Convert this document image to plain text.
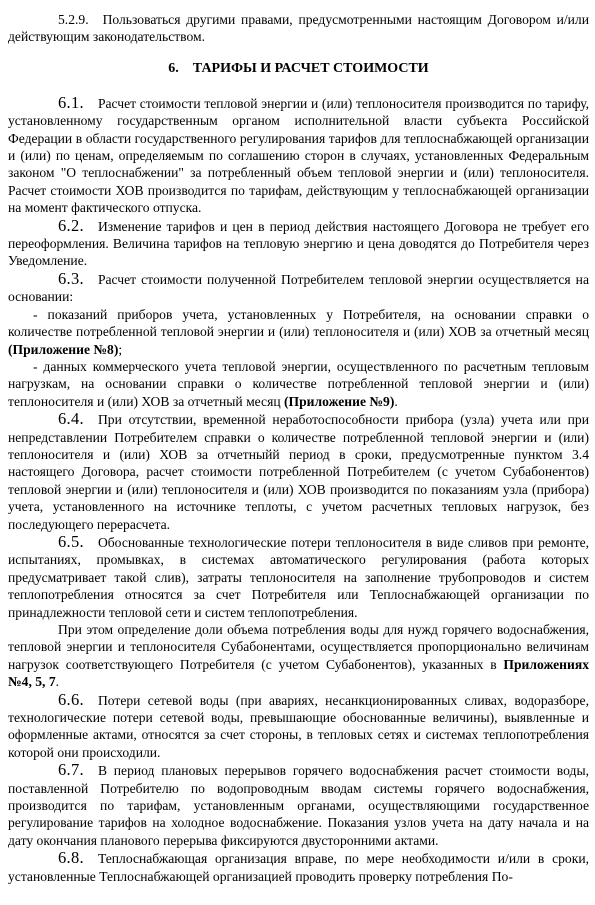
5.2.9. Пользоваться другими правами, предусмотренными настоящим Договором и/или действующим законодательством.

6. ТАРИФЫ И РАСЧЕТ СТОИМОСТИ

6.1. Расчет стоимости тепловой энергии и (или) теплоносителя производится по тарифу, установленному государственным органом исполнительной власти субъекта Российской Федерации в области государственного регулирования тарифов для теплоснабжающей организации и (или) по ценам, определяемым по соглашению сторон в случаях, установленных Федеральным законом "О теплоснабжении" за потребленный объем тепловой энергии и (или) теплоносителя. Расчет стоимости ХОВ производится по тарифам, действующим у теплоснабжающей организации на момент фактического отпуска.

6.2. Изменение тарифов и цен в период действия настоящего Договора не требует его переоформления. Величина тарифов на тепловую энергию и цена доводятся до Потребителя через Уведомление.

6.3. Расчет стоимости полученной Потребителем тепловой энергии осуществляется на основании:

- показаний приборов учета, установленных у Потребителя, на основании справки о количестве потребленной тепловой энергии и (или) теплоносителя и (или) ХОВ за отчетный месяц (Приложение №8);

- данных коммерческого учета тепловой энергии, осуществленного по расчетным тепловым нагрузкам, на основании справки о количестве потребленной тепловой энергии и (или) теплоносителя и (или) ХОВ за отчетный месяц (Приложение №9).

6.4. При отсутствии, временной неработоспособности прибора (узла) учета или при непредставлении Потребителем справки о количестве потребленной тепловой энергии и (или) теплоносителя и (или) ХОВ за отчетныйй период в сроки, предусмотренные пунктом 3.4 настоящего Договора, расчет стоимости потребленной Потребителем (с учетом Субабонентов) тепловой энергии и (или) теплоносителя и (или) ХОВ производится по показаниям узла (прибора) учета, установленного на источнике теплоты, с учетом расчетных тепловых нагрузок, без последующего перерасчета.

6.5. Обоснованные технологические потери теплоносителя в виде сливов при ремонте, испытаниях, промывках, в системах автоматического регулирования (работа которых предусматривает такой слив), затраты теплоносителя на заполнение трубопроводов и систем теплопотребления относятся за счет Потребителя или Теплоснабжающей организации по принадлежности тепловой сети и систем теплопотребления.

При этом определение доли объема потребления воды для нужд горячего водоснабжения, тепловой энергии и теплоносителя Субабонентами, осуществляется пропорционально величинам нагрузок соответствующего Потребителя (с учетом Субабонентов), указанных в Приложениях №4, 5, 7.

6.6. Потери сетевой воды (при авариях, несанкционированных сливах, водоразборе, технологические потери сетевой воды, превышающие обоснованные величины), выявленные и оформленные актами, относятся за счет стороны, в тепловых сетях и системах теплопотребления которой они происходили.

6.7. В период плановых перерывов горячего водоснабжения расчет стоимости воды, поставленной Потребителю по водопроводным вводам системы горячего водоснабжения, производится по тарифам, установленным органами, осуществляющими государственное регулирование тарифов на холодное водоснабжение. Показания узлов учета на дату начала и на дату окончания планового перерыва фиксируются двусторонними актами.

6.8. Теплоснабжающая организация вправе, по мере необходимости и/или в сроки, установленные Теплоснабжающей организацией проводить проверку потребления По-
